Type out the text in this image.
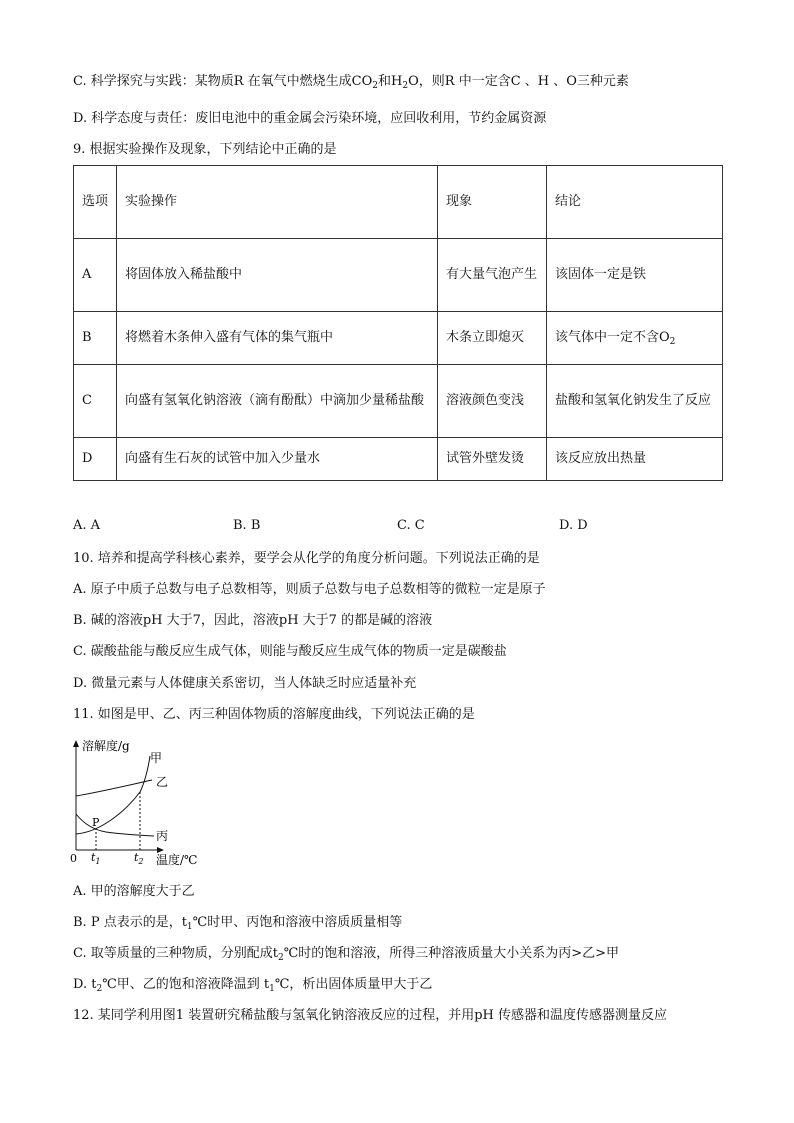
C. 科学探究与实践：某物质R 在氧气中燃烧生成$CO_2$和$H_2O$，则R 中一定含C 、H 、O三种元素
D. 科学态度与责任：废旧电池中的重金属会污染环境，应回收利用，节约金属资源
9. 根据实验操作及现象，下列结论中正确的是
选项	实验操作	现象	结论
A	将固体放入稀盐酸中	有大量气泡产生	该固体一定是铁
B	将燃着木条伸入盛有气体的集气瓶中	木条立即熄灭	该气体中一定不含$O_2$
C	向盛有氢氧化钠溶液（滴有酚酞）中滴加少量稀盐酸	溶液颜色变浅	盐酸和氢氧化钠发生了反应
D	向盛有生石灰的试管中加入少量水	试管外壁发烫	该反应放出热量
A. A	B. B	C. C	D. D
10. 培养和提高学科核心素养，要学会从化学的角度分析问题。下列说法正确的是
A. 原子中质子总数与电子总数相等，则质子总数与电子总数相等的微粒一定是原子
B. 碱的溶液pH 大于7，因此，溶液pH 大于7 的都是碱的溶液
C. 碳酸盐能与酸反应生成气体，则能与酸反应生成气体的物质一定是碳酸盐
D. 微量元素与人体健康关系密切，当人体缺乏时应适量补充
11. 如图是甲、乙、丙三种固体物质的溶解度曲线，下列说法正确的是
溶解度/g
甲
乙
丙
P
0 $t_1$	$t_2$ 温度/℃
A. 甲的溶解度大于乙
B. P 点表示的是，$t_1℃$时甲、丙饱和溶液中溶质质量相等
C. 取等质量的三种物质，分别配成$t_2℃$时的饱和溶液，所得三种溶液质量大小关系为丙>乙>甲
D. $t_2℃$甲、乙的饱和溶液降温到 $t_1℃$，析出固体质量甲大于乙
12. 某同学利用图1 装置研究稀盐酸与氢氧化钠溶液反应的过程，并用pH 传感器和温度传感器测量反应
